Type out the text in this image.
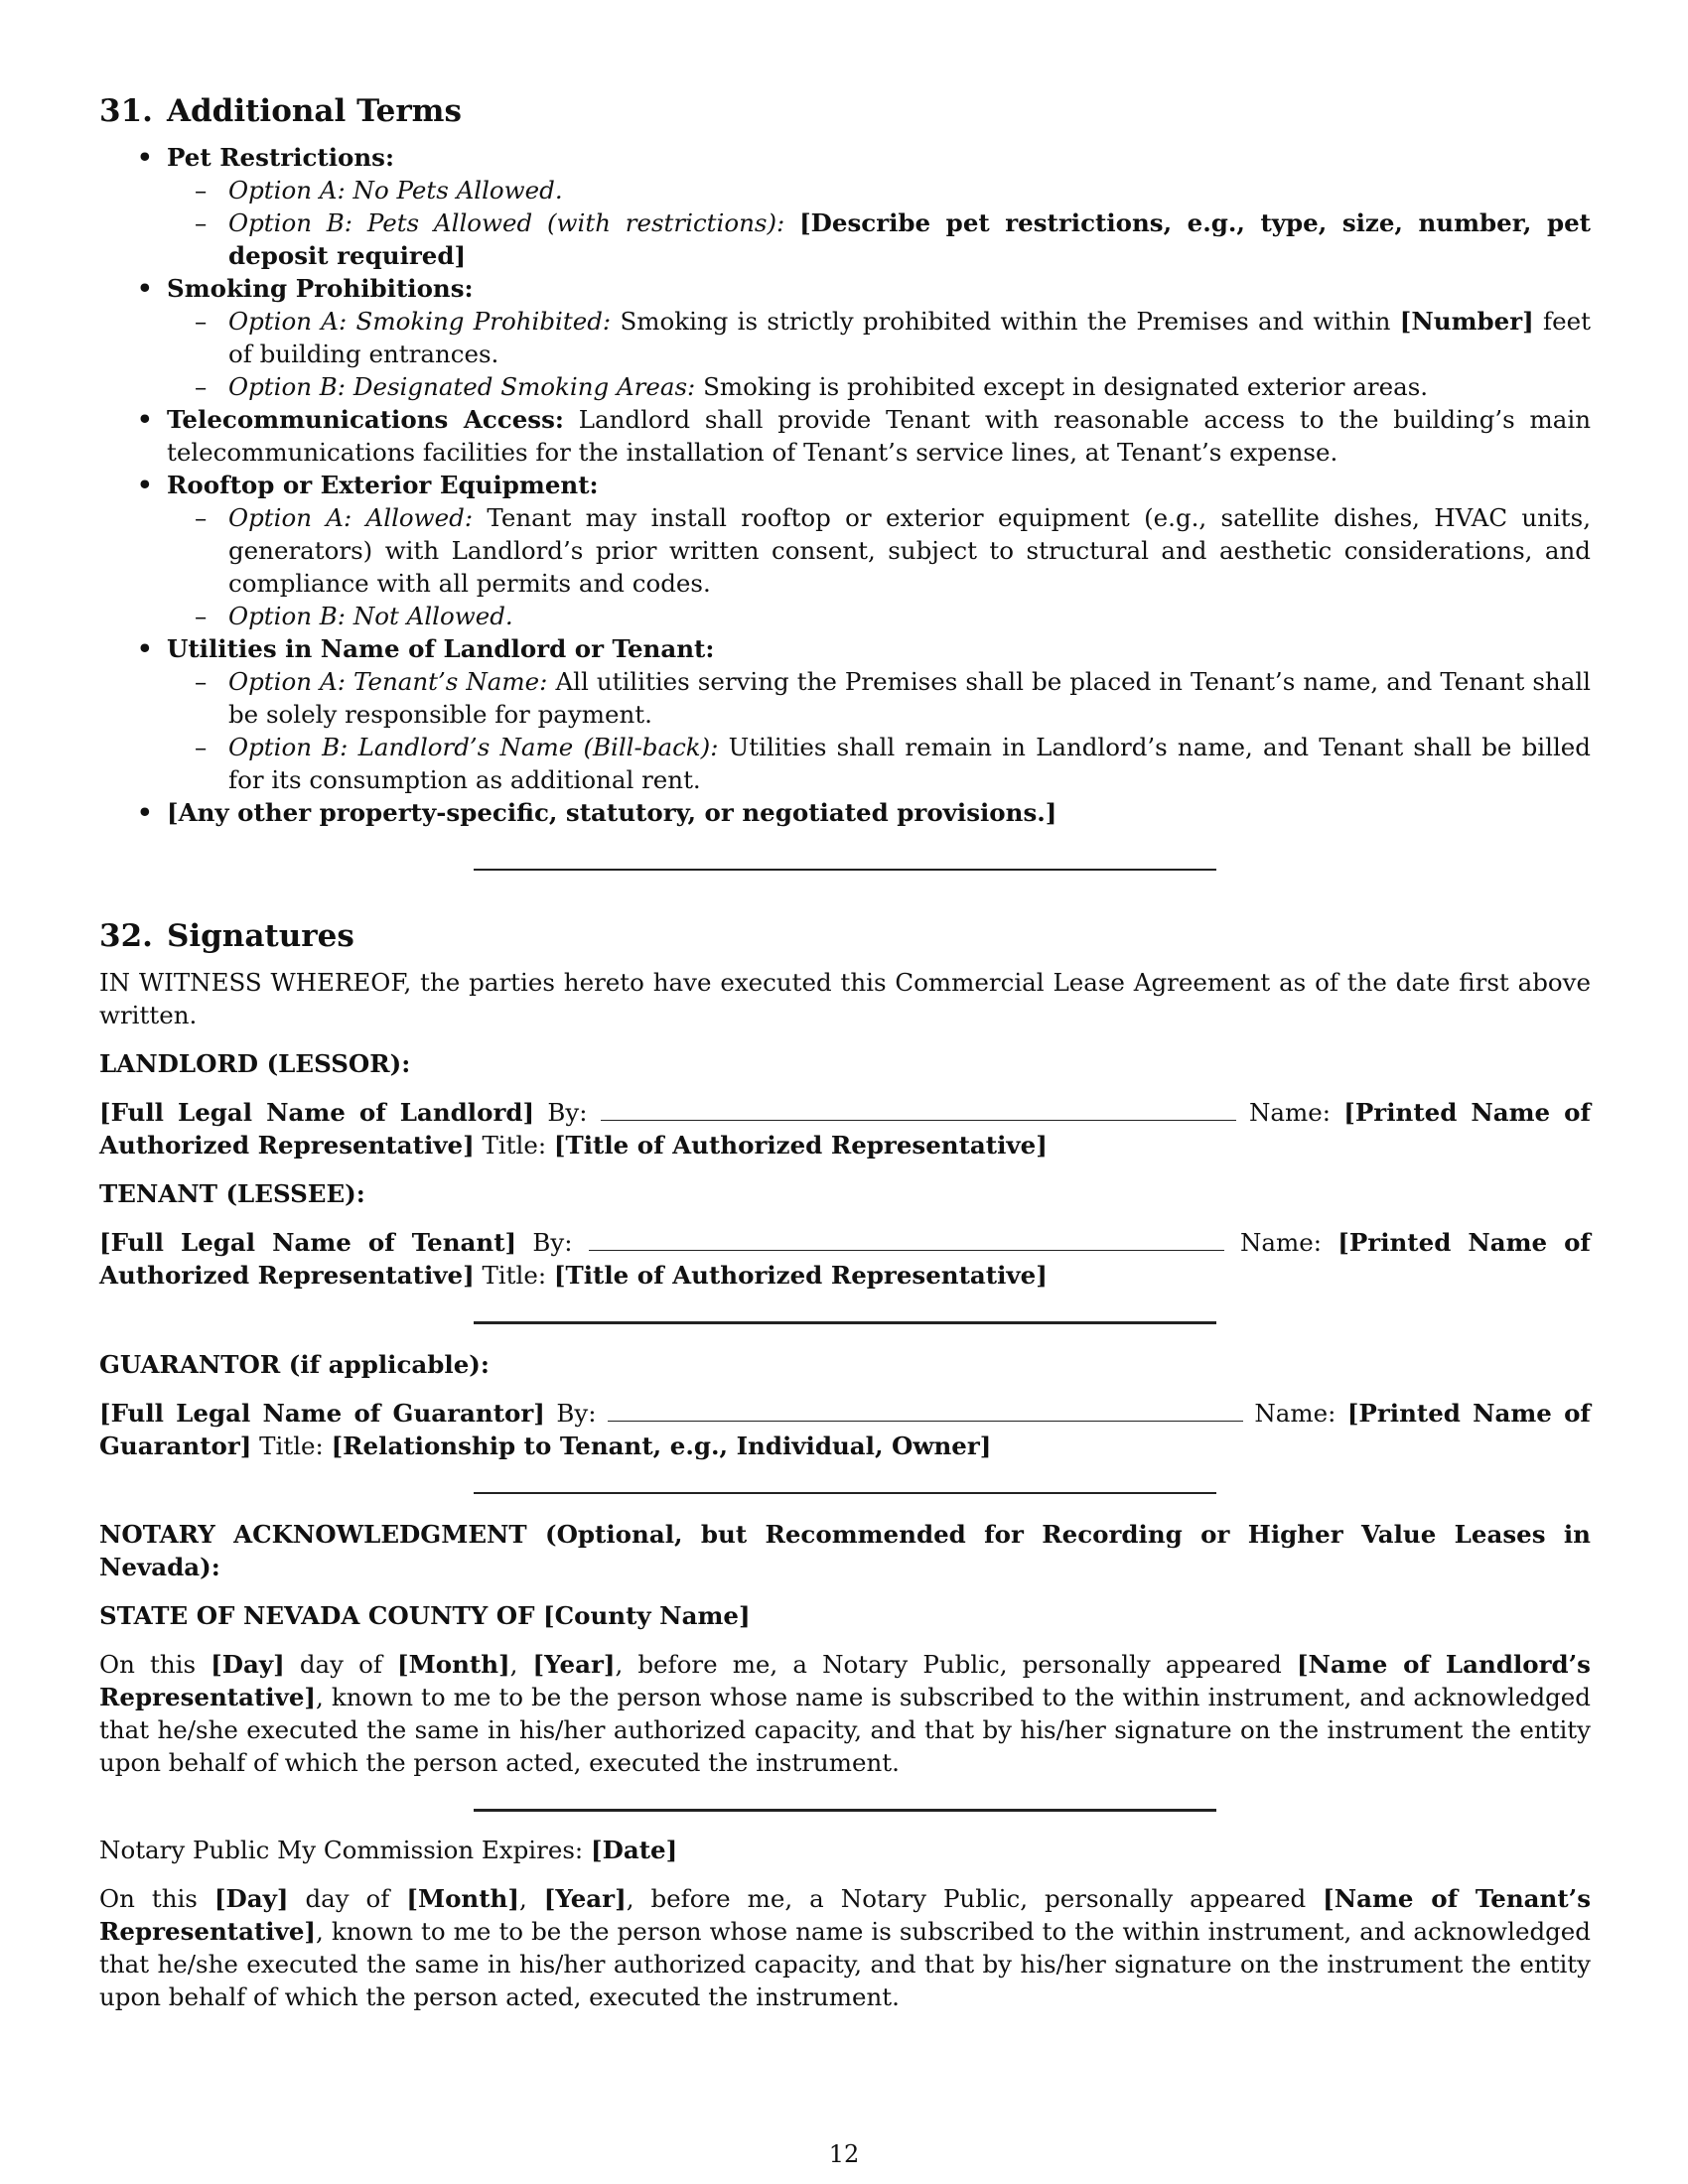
31. Additional Terms
• Pet Restrictions:
– Option A: No Pets Allowed.
– Option B: Pets Allowed (with restrictions): [Describe pet restrictions, e.g., type, size, number, pet deposit required]
• Smoking Prohibitions:
– Option A: Smoking Prohibited: Smoking is strictly prohibited within the Premises and within [Number] feet of building entrances.
– Option B: Designated Smoking Areas: Smoking is prohibited except in designated exterior areas.
• Telecommunications Access: Landlord shall provide Tenant with reasonable access to the building’s main telecommunications facilities for the installation of Tenant’s service lines, at Tenant’s expense.
• Rooftop or Exterior Equipment:
– Option A: Allowed: Tenant may install rooftop or exterior equipment (e.g., satellite dishes, HVAC units, generators) with Landlord’s prior written consent, subject to structural and aesthetic considerations, and compliance with all permits and codes.
– Option B: Not Allowed.
• Utilities in Name of Landlord or Tenant:
– Option A: Tenant’s Name: All utilities serving the Premises shall be placed in Tenant’s name, and Tenant shall be solely responsible for payment.
– Option B: Landlord’s Name (Bill-back): Utilities shall remain in Landlord’s name, and Tenant shall be billed for its consumption as additional rent.
• [Any other property-specific, statutory, or negotiated provisions.]
32. Signatures

IN WITNESS WHEREOF, the parties hereto have executed this Commercial Lease Agreement as of the date first above written.

LANDLORD (LESSOR):

[Full Legal Name of Landlord] By:	Name: [Printed Name of Authorized Representative] Title: [Title of Authorized Representative]

TENANT (LESSEE):

[Full Legal Name of Tenant] By:	Name: [Printed Name of Authorized Representative] Title: [Title of Authorized Representative]

GUARANTOR (if applicable):

[Full Legal Name of Guarantor] By:	Name: [Printed Name of Guarantor] Title: [Relationship to Tenant, e.g., Individual, Owner]

NOTARY ACKNOWLEDGMENT (Optional, but Recommended for Recording or Higher Value Leases in Nevada):

STATE OF NEVADA COUNTY OF [County Name]

On this [Day] day of [Month], [Year], before me, a Notary Public, personally appeared [Name of Landlord’s Representative], known to me to be the person whose name is subscribed to the within instrument, and acknowledged that he/she executed the same in his/her authorized capacity, and that by his/her signature on the instrument the entity upon behalf of which the person acted, executed the instrument.

Notary Public My Commission Expires: [Date]

On this [Day] day of [Month], [Year], before me, a Notary Public, personally appeared [Name of Tenant’s Representative], known to me to be the person whose name is subscribed to the within instrument, and acknowledged that he/she executed the same in his/her authorized capacity, and that by his/her signature on the instrument the entity upon behalf of which the person acted, executed the instrument.

12
